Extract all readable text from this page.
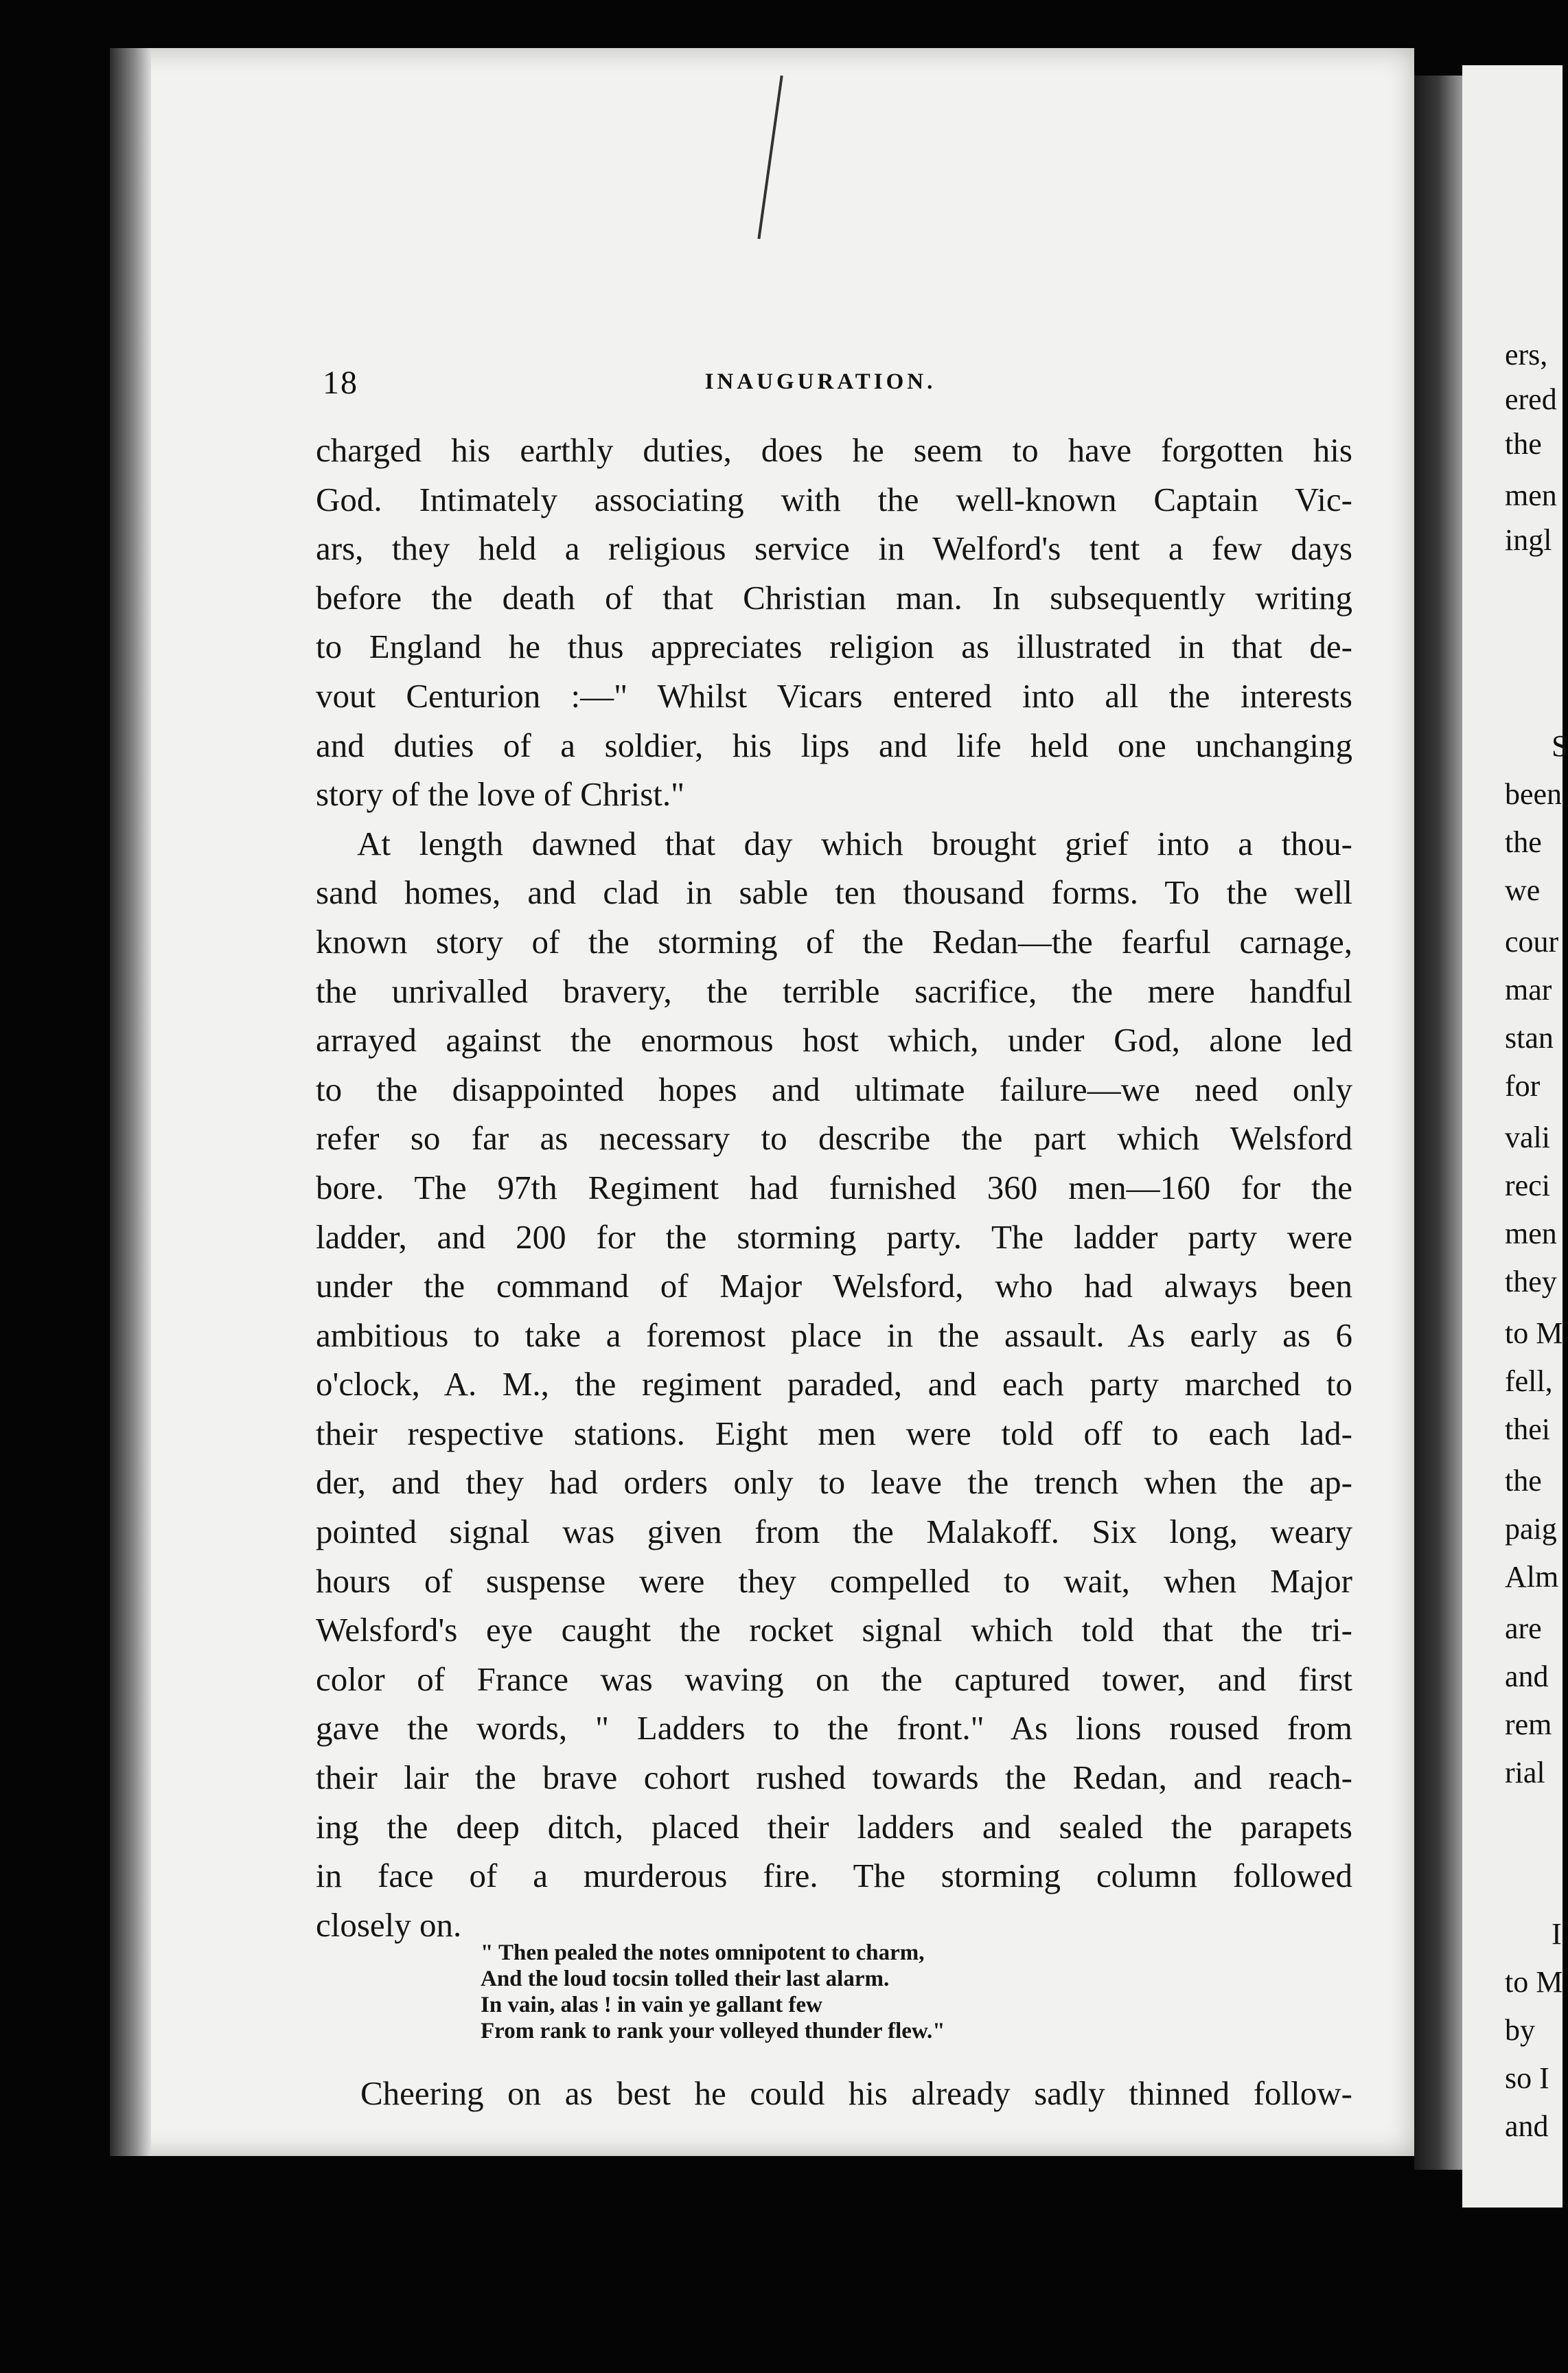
18	INAUGURATION.
charged his earthly duties, does he seem to have forgotten his
God. Intimately associating with the well-known Captain Vic-
ars, they held a religious service in Welford's tent a few days
before the death of that Christian man. In subsequently writing
to England he thus appreciates religion as illustrated in that de-
vout Centurion :—" Whilst Vicars entered into all the interests
and duties of a soldier, his lips and life held one unchanging
story of the love of Christ."
At length dawned that day which brought grief into a thou-
sand homes, and clad in sable ten thousand forms. To the well
known story of the storming of the Redan—the fearful carnage,
the unrivalled bravery, the terrible sacrifice, the mere handful
arrayed against the enormous host which, under God, alone led
to the disappointed hopes and ultimate failure—we need only
refer so far as necessary to describe the part which Welsford
bore. The 97th Regiment had furnished 360 men—160 for the
ladder, and 200 for the storming party. The ladder party were
under the command of Major Welsford, who had always been
ambitious to take a foremost place in the assault. As early as 6
o'clock, A. M., the regiment paraded, and each party marched to
their respective stations. Eight men were told off to each lad-
der, and they had orders only to leave the trench when the ap-
pointed signal was given from the Malakoff. Six long, weary
hours of suspense were they compelled to wait, when Major
Welsford's eye caught the rocket signal which told that the tri-
color of France was waving on the captured tower, and first
gave the words, " Ladders to the front." As lions roused from
their lair the brave cohort rushed towards the Redan, and reach-
ing the deep ditch, placed their ladders and sealed the parapets
in face of a murderous fire. The storming column followed
closely on.
" Then pealed the notes omnipotent to charm,
And the loud tocsin tolled their last alarm.
In vain, alas ! in vain ye gallant few
From rank to rank your volleyed thunder flew."
Cheering on as best he could his already sadly thinned follow-
ers,
ered
the
men
ingl
S
been
the
we
cour
mar
stan
for
vali
reci
men
they
to M
fell,
thei
the
paig
Alm
are
and
rem
rial
I
to M
by
so I
and
